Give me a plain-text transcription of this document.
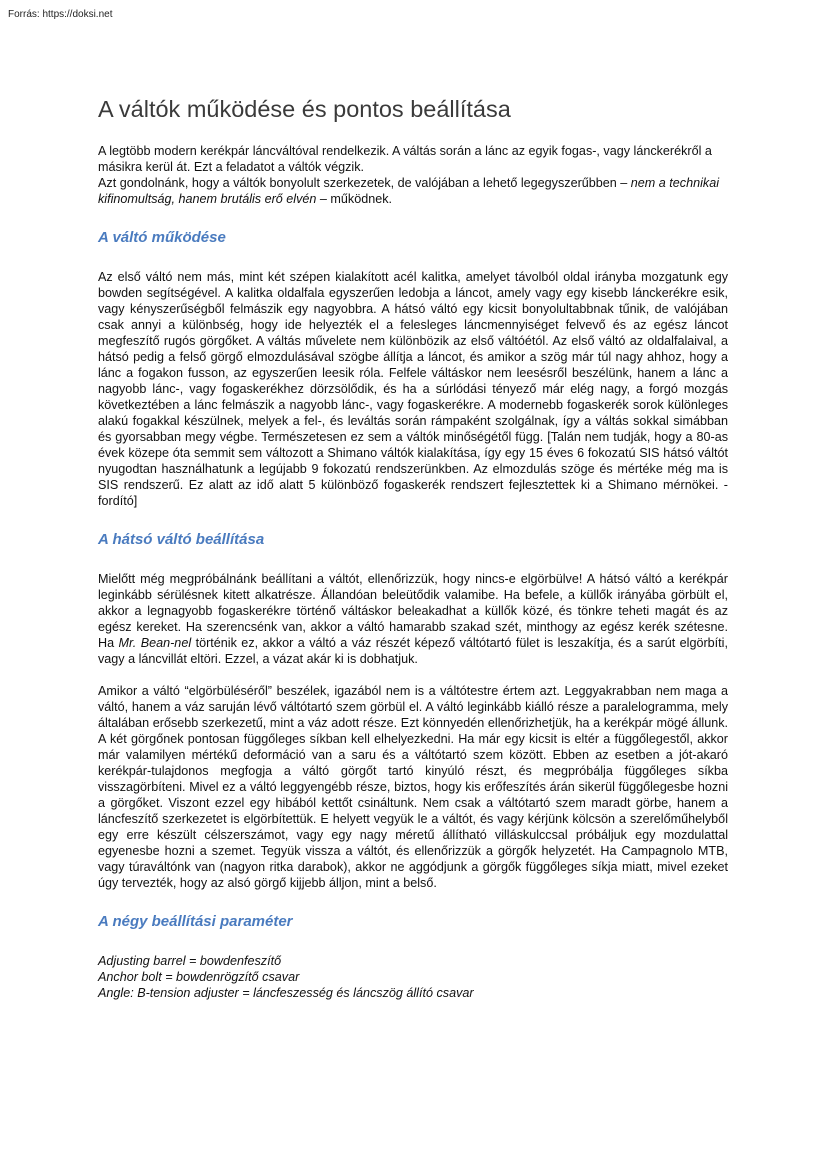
Forrás: https://doksi.net
A váltók működése és pontos beállítása

A legtöbb modern kerékpár láncváltóval rendelkezik. A váltás során a lánc az egyik fogas-, vagy lánckerékről a másikra kerül át. Ezt a feladatot a váltók végzik.

Azt gondolnánk, hogy a váltók bonyolult szerkezetek, de valójában a lehető legegyszerűbben – nem a technikai kifinomultság, hanem brutális erő elvén – működnek.

A váltó működése

Az első váltó nem más, mint két szépen kialakított acél kalitka, amelyet távolból oldal irányba mozgatunk egy bowden segítségével. A kalitka oldalfala egyszerűen ledobja a láncot, amely vagy egy kisebb lánckerékre esik, vagy kényszerűségből felmászik egy nagyobbra. A hátsó váltó egy kicsit bonyolultabbnak tűnik, de valójában csak annyi a különbség, hogy ide helyezték el a felesleges láncmennyiséget felvevő és az egész láncot megfeszítő rugós görgőket. A váltás művelete nem különbözik az első váltóétól. Az első váltó az oldalfalaival, a hátsó pedig a felső görgő elmozdulásával szögbe állítja a láncot, és amikor a szög már túl nagy ahhoz, hogy a lánc a fogakon fusson, az egyszerűen leesik róla. Felfele váltáskor nem leesésről beszélünk, hanem a lánc a nagyobb lánc-, vagy fogaskerékhez dörzsölődik, és ha a súrlódási tényező már elég nagy, a forgó mozgás következtében a lánc felmászik a nagyobb lánc-, vagy fogaskerékre. A modernebb fogaskerék sorok különleges alakú fogakkal készülnek, melyek a fel-, és leváltás során rámpaként szolgálnak, így a váltás sokkal simábban és gyorsabban megy végbe. Természetesen ez sem a váltók minőségétől függ. [Talán nem tudják, hogy a 80-as évek közepe óta semmit sem változott a Shimano váltók kialakítása, így egy 15 éves 6 fokozatú SIS hátsó váltót nyugodtan használhatunk a legújabb 9 fokozatú rendszerünkben. Az elmozdulás szöge és mértéke még ma is SIS rendszerű. Ez alatt az idő alatt 5 különböző fogaskerék rendszert fejlesztettek ki a Shimano mérnökei. -fordító]

A hátsó váltó beállítása

Mielőtt még megpróbálnánk beállítani a váltót, ellenőrizzük, hogy nincs-e elgörbülve! A hátsó váltó a kerékpár leginkább sérülésnek kitett alkatrésze. Állandóan beleütődik valamibe. Ha befele, a küllők irányába görbült el, akkor a legnagyobb fogaskerékre történő váltáskor beleakadhat a küllők közé, és tönkre teheti magát és az egész kereket. Ha szerencsénk van, akkor a váltó hamarabb szakad szét, minthogy az egész kerék szétesne. Ha Mr. Bean-nel történik ez, akkor a váltó a váz részét képező váltótartó fület is leszakítja, és a sarút elgörbíti, vagy a láncvillát eltöri. Ezzel, a vázat akár ki is dobhatjuk.

Amikor a váltó “elgörbüléséről” beszélek, igazából nem is a váltótestre értem azt. Leggyakrabban nem maga a váltó, hanem a váz saruján lévő váltótartó szem görbül el. A váltó leginkább kiálló része a paralelogramma, mely általában erősebb szerkezetű, mint a váz adott része. Ezt könnyedén ellenőrizhetjük, ha a kerékpár mögé állunk. A két görgőnek pontosan függőleges síkban kell elhelyezkedni. Ha már egy kicsit is eltér a függőlegestől, akkor már valamilyen mértékű deformáció van a saru és a váltótartó szem között. Ebben az esetben a jót-akaró kerékpár-tulajdonos megfogja a váltó görgőt tartó kinyúló részt, és megpróbálja függőleges síkba visszagörbíteni. Mivel ez a váltó leggyengébb része, biztos, hogy kis erőfeszítés árán sikerül függőlegesbe hozni a görgőket. Viszont ezzel egy hibából kettőt csináltunk. Nem csak a váltótartó szem maradt görbe, hanem a láncfeszítő szerkezetet is elgörbítettük. E helyett vegyük le a váltót, és vagy kérjünk kölcsön a szerelőműhelyből egy erre készült célszerszámot, vagy egy nagy méretű állítható villáskulccsal próbáljuk egy mozdulattal egyenesbe hozni a szemet. Tegyük vissza a váltót, és ellenőrizzük a görgők helyzetét. Ha Campagnolo MTB, vagy túraváltónk van (nagyon ritka darabok), akkor ne aggódjunk a görgők függőleges síkja miatt, mivel ezeket úgy tervezték, hogy az alsó görgő kijjebb álljon, mint a belső.

A négy beállítási paraméter

Adjusting barrel = bowdenfeszítő

Anchor bolt = bowdenrögzítő csavar

Angle: B-tension adjuster = láncfeszesség és láncszög állító csavar
